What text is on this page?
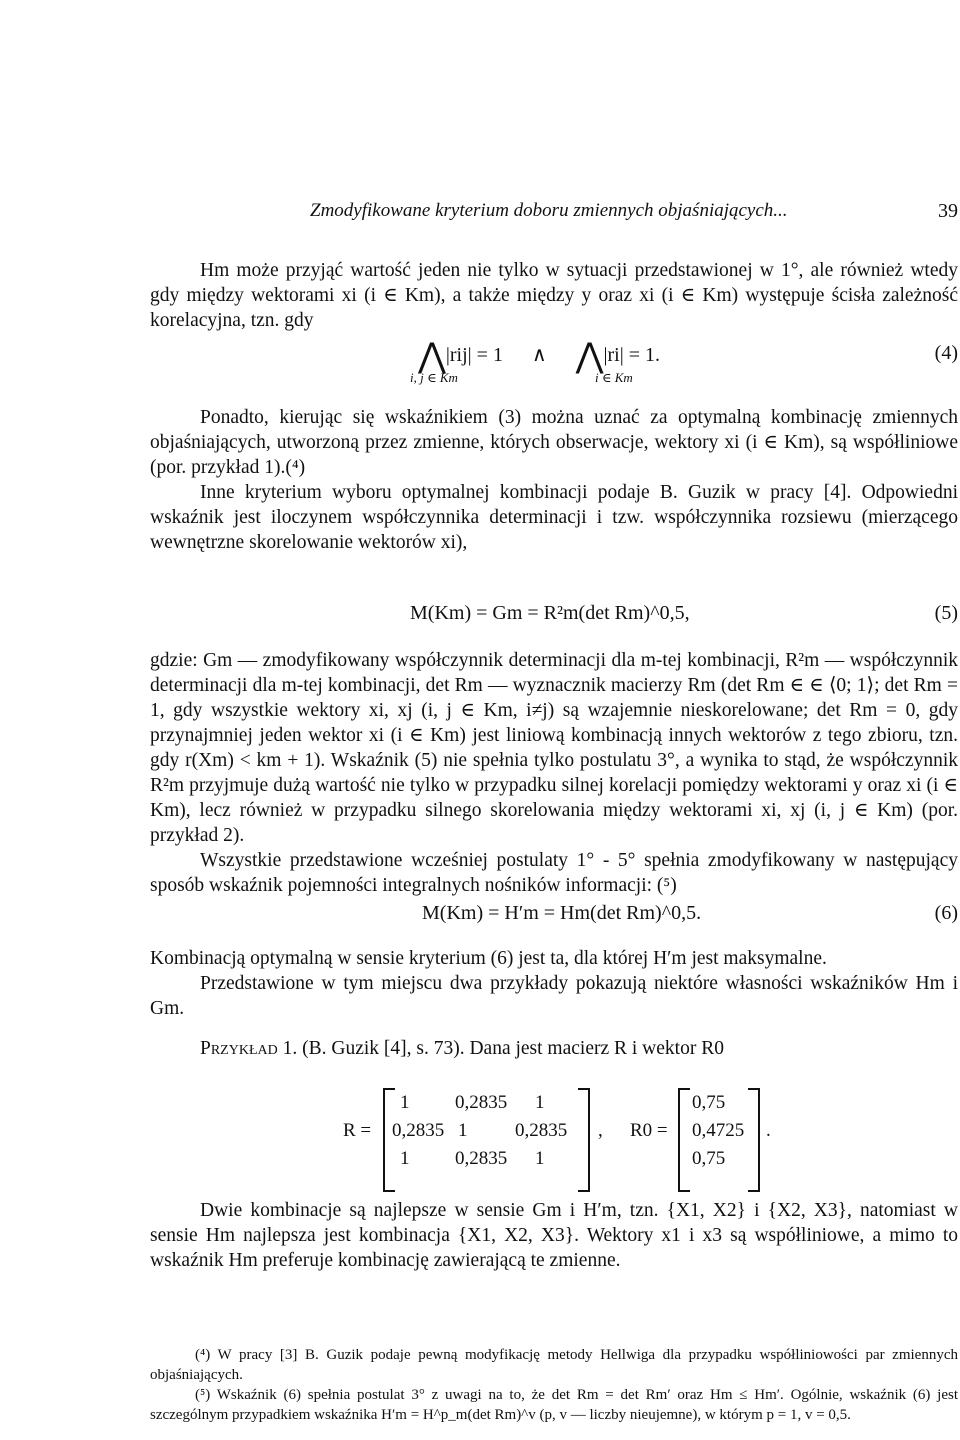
Zmodyfikowane kryterium doboru zmiennych objaśniających...	39

Hm może przyjąć wartość jeden nie tylko w sytuacji przedstawionej w 1°, ale również wtedy gdy między wektorami xi (i ∈ Km), a także między y oraz xi (i ∈ Km) występuje ścisła zależność korelacyjna, tzn. gdy

⋀|rij| = 1 ∧ ⋀|ri| = 1.
i, j ∈ Km	i ∈ Km
(4)

Ponadto, kierując się wskaźnikiem (3) można uznać za optymalną kombinację zmiennych objaśniających, utworzoną przez zmienne, których obserwacje, wektory xi (i ∈ Km), są współliniowe (por. przykład 1).(⁴)

Inne kryterium wyboru optymalnej kombinacji podaje B. Guzik w pracy [4]. Odpowiedni wskaźnik jest iloczynem współczynnika determinacji i tzw. współczynnika rozsiewu (mierzącego wewnętrzne skorelowanie wektorów xi),

M(Km) = Gm = R²m(det Rm)^0,5,	(5)

gdzie: Gm — zmodyfikowany współczynnik determinacji dla m-tej kombinacji, R²m — współczynnik determinacji dla m-tej kombinacji, det Rm — wyznacznik macierzy Rm (det Rm ∈ ∈ ⟨0; 1⟩; det Rm = 1, gdy wszystkie wektory xi, xj (i, j ∈ Km, i≠j) są wzajemnie nieskorelowane; det Rm = 0, gdy przynajmniej jeden wektor xi (i ∈ Km) jest liniową kombinacją innych wektorów z tego zbioru, tzn. gdy r(Xm) < km + 1). Wskaźnik (5) nie spełnia tylko postulatu 3°, a wynika to stąd, że współczynnik R²m przyjmuje dużą wartość nie tylko w przypadku silnej korelacji pomiędzy wektorami y oraz xi (i ∈ Km), lecz również w przypadku silnego skorelowania między wektorami xi, xj (i, j ∈ Km) (por. przykład 2).

Wszystkie przedstawione wcześniej postulaty 1° - 5° spełnia zmodyfikowany w następujący sposób wskaźnik pojemności integralnych nośników informacji: (⁵)

M(Km) = H′m = Hm(det Rm)^0,5.	(6)

Kombinacją optymalną w sensie kryterium (6) jest ta, dla której H′m jest maksymalne.

Przedstawione w tym miejscu dwa przykłady pokazują niektóre własności wskaźników Hm i Gm.

Przykład 1. (B. Guzik [4], s. 73). Dana jest macierz R i wektor R0

R =
1 0,2835 1
0,2835 1	0,2835
1 0,2835 1
, R0 =
0,75
0,4725
0,75
.

Dwie kombinacje są najlepsze w sensie Gm i H′m, tzn. {X1, X2} i {X2, X3}, natomiast w sensie Hm najlepsza jest kombinacja {X1, X2, X3}. Wektory x1 i x3 są współliniowe, a mimo to wskaźnik Hm preferuje kombinację zawierającą te zmienne.

(⁴) W pracy [3] B. Guzik podaje pewną modyfikację metody Hellwiga dla przypadku współliniowości par zmiennych objaśniających.

(⁵) Wskaźnik (6) spełnia postulat 3° z uwagi na to, że det Rm = det Rm′ oraz Hm ≤ Hm′. Ogólnie, wskaźnik (6) jest szczególnym przypadkiem wskaźnika H′m = H^p_m(det Rm)^v (p, v — liczby nieujemne), w którym p = 1, v = 0,5.
